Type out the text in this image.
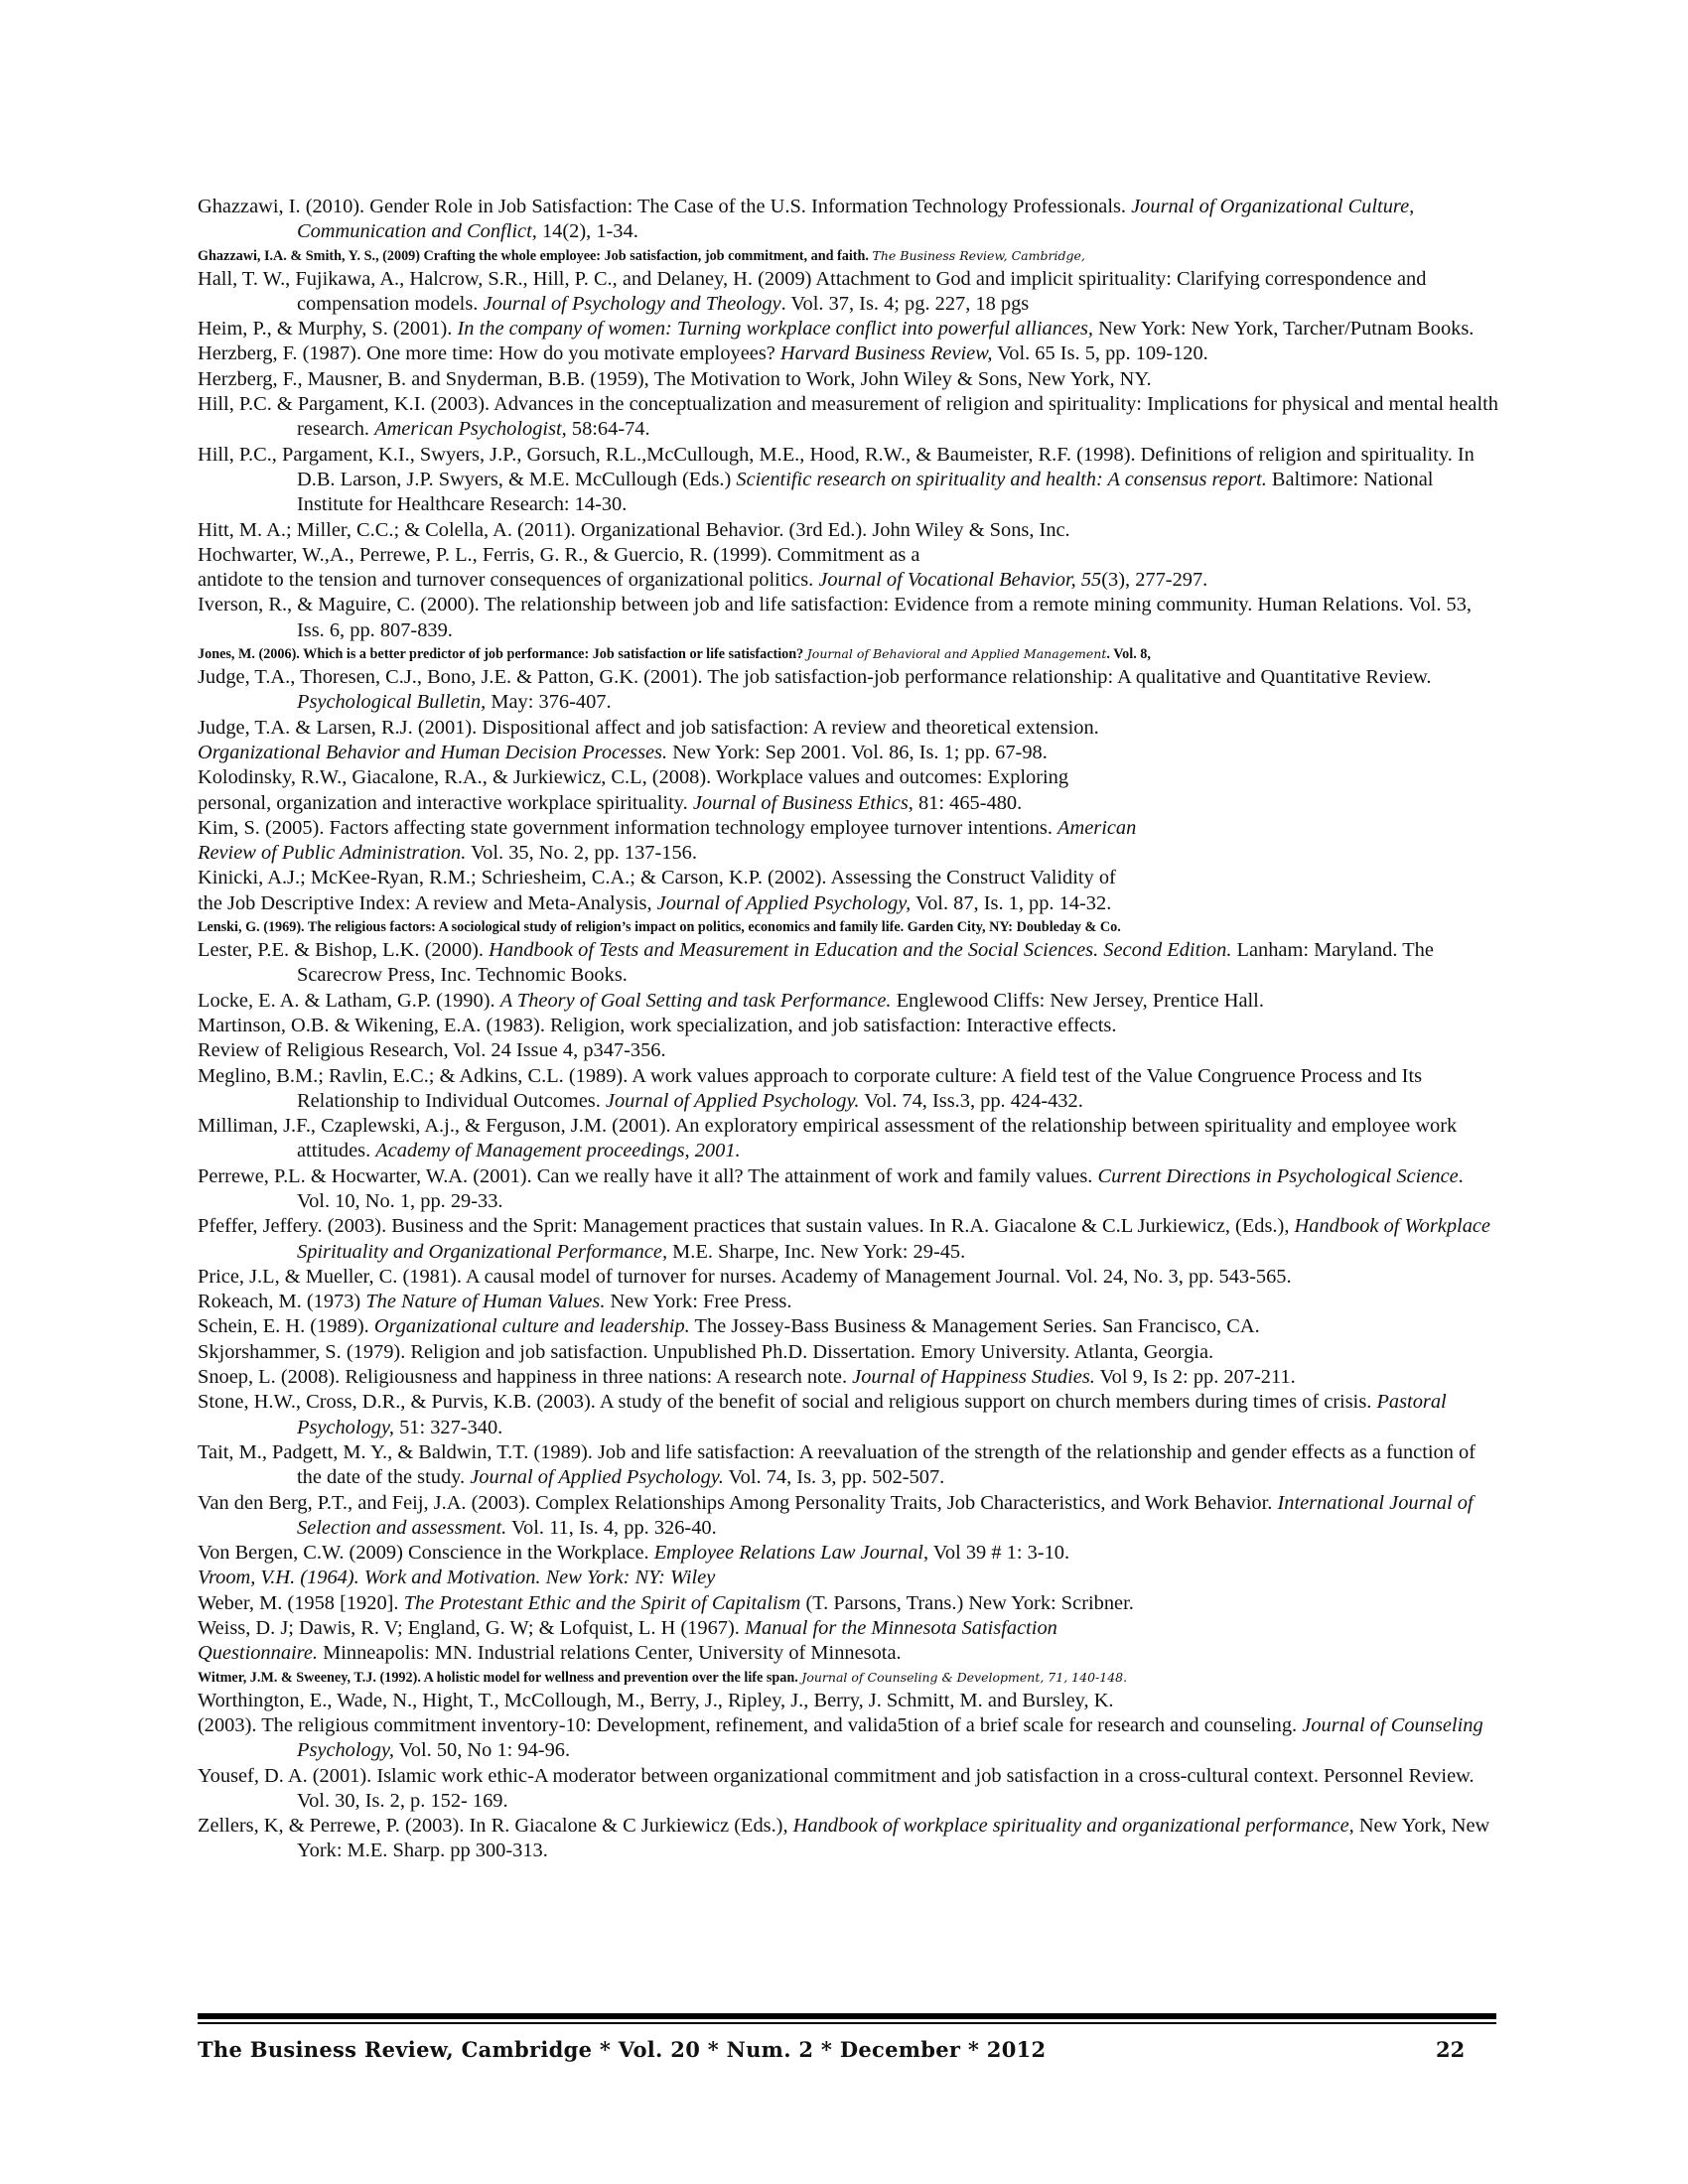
Ghazzawi, I. (2010). Gender Role in Job Satisfaction: The Case of the U.S. Information Technology Professionals. Journal of Organizational Culture, Communication and Conflict, 14(2), 1-34.
Ghazzawi, I.A. & Smith, Y. S., (2009) Crafting the whole employee: Job satisfaction, job commitment, and faith. The Business Review, Cambridge,
Hall, T. W., Fujikawa, A., Halcrow, S.R., Hill, P. C., and Delaney, H. (2009) Attachment to God and implicit spirituality: Clarifying correspondence and compensation models. Journal of Psychology and Theology. Vol. 37, Is. 4; pg. 227, 18 pgs
Heim, P., & Murphy, S. (2001). In the company of women: Turning workplace conflict into powerful alliances, New York: New York, Tarcher/Putnam Books.
Herzberg, F. (1987). One more time: How do you motivate employees? Harvard Business Review, Vol. 65 Is. 5, pp. 109-120.
Herzberg, F., Mausner, B. and Snyderman, B.B. (1959), The Motivation to Work, John Wiley & Sons, New York, NY.
Hill, P.C. & Pargament, K.I. (2003). Advances in the conceptualization and measurement of religion and spirituality: Implications for physical and mental health research. American Psychologist, 58:64-74.
Hill, P.C., Pargament, K.I., Swyers, J.P., Gorsuch, R.L.,McCullough, M.E., Hood, R.W., & Baumeister, R.F. (1998). Definitions of religion and spirituality. In D.B. Larson, J.P. Swyers, & M.E. McCullough (Eds.) Scientific research on spirituality and health: A consensus report. Baltimore: National Institute for Healthcare Research: 14-30.
Hitt, M. A.; Miller, C.C.; & Colella, A. (2011). Organizational Behavior. (3rd Ed.). John Wiley & Sons, Inc.
Hochwarter, W.,A., Perrewe, P. L., Ferris, G. R., & Guercio, R. (1999). Commitment as a
antidote to the tension and turnover consequences of organizational politics. Journal of Vocational Behavior, 55(3), 277-297.
Iverson, R., & Maguire, C. (2000). The relationship between job and life satisfaction: Evidence from a remote mining community. Human Relations. Vol. 53, Iss. 6, pp. 807-839.
Jones, M. (2006). Which is a better predictor of job performance: Job satisfaction or life satisfaction? Journal of Behavioral and Applied Management. Vol. 8,
Judge, T.A., Thoresen, C.J., Bono, J.E. & Patton, G.K. (2001). The job satisfaction-job performance relationship: A qualitative and Quantitative Review. Psychological Bulletin, May: 376-407.
Judge, T.A. & Larsen, R.J. (2001). Dispositional affect and job satisfaction: A review and theoretical extension.
Organizational Behavior and Human Decision Processes. New York: Sep 2001. Vol. 86, Is. 1; pp. 67-98.
Kolodinsky, R.W., Giacalone, R.A., & Jurkiewicz, C.L, (2008). Workplace values and outcomes: Exploring
personal, organization and interactive workplace spirituality. Journal of Business Ethics, 81: 465-480.
Kim, S. (2005). Factors affecting state government information technology employee turnover intentions. American
Review of Public Administration. Vol. 35, No. 2, pp. 137-156.
Kinicki, A.J.; McKee-Ryan, R.M.; Schriesheim, C.A.; & Carson, K.P. (2002). Assessing the Construct Validity of
the Job Descriptive Index: A review and Meta-Analysis, Journal of Applied Psychology, Vol. 87, Is. 1, pp. 14-32.
Lenski, G. (1969). The religious factors: A sociological study of religion’s impact on politics, economics and family life. Garden City, NY: Doubleday & Co.
Lester, P.E. & Bishop, L.K. (2000). Handbook of Tests and Measurement in Education and the Social Sciences. Second Edition. Lanham: Maryland. The Scarecrow Press, Inc. Technomic Books.
Locke, E. A. & Latham, G.P. (1990). A Theory of Goal Setting and task Performance. Englewood Cliffs: New Jersey, Prentice Hall.
Martinson, O.B. & Wikening, E.A. (1983). Religion, work specialization, and job satisfaction: Interactive effects.
Review of Religious Research, Vol. 24 Issue 4, p347-356.
Meglino, B.M.; Ravlin, E.C.; & Adkins, C.L. (1989). A work values approach to corporate culture: A field test of the Value Congruence Process and Its Relationship to Individual Outcomes. Journal of Applied Psychology. Vol. 74, Iss.3, pp. 424-432.
Milliman, J.F., Czaplewski, A.j., & Ferguson, J.M. (2001). An exploratory empirical assessment of the relationship between spirituality and employee work attitudes. Academy of Management proceedings, 2001.
Perrewe, P.L. & Hocwarter, W.A. (2001). Can we really have it all? The attainment of work and family values. Current Directions in Psychological Science. Vol. 10, No. 1, pp. 29-33.
Pfeffer, Jeffery. (2003). Business and the Sprit: Management practices that sustain values. In R.A. Giacalone & C.L Jurkiewicz, (Eds.), Handbook of Workplace Spirituality and Organizational Performance, M.E. Sharpe, Inc. New York: 29-45.
Price, J.L, & Mueller, C. (1981). A causal model of turnover for nurses. Academy of Management Journal. Vol. 24, No. 3, pp. 543-565.
Rokeach, M. (1973) The Nature of Human Values. New York: Free Press.
Schein, E. H. (1989). Organizational culture and leadership. The Jossey-Bass Business & Management Series. San Francisco, CA.
Skjorshammer, S. (1979). Religion and job satisfaction. Unpublished Ph.D. Dissertation. Emory University. Atlanta, Georgia.
Snoep, L. (2008). Religiousness and happiness in three nations: A research note. Journal of Happiness Studies. Vol 9, Is 2: pp. 207-211.
Stone, H.W., Cross, D.R., & Purvis, K.B. (2003). A study of the benefit of social and religious support on church members during times of crisis. Pastoral Psychology, 51: 327-340.
Tait, M., Padgett, M. Y., & Baldwin, T.T. (1989). Job and life satisfaction: A reevaluation of the strength of the relationship and gender effects as a function of the date of the study. Journal of Applied Psychology. Vol. 74, Is. 3, pp. 502-507.
Van den Berg, P.T., and Feij, J.A. (2003). Complex Relationships Among Personality Traits, Job Characteristics, and Work Behavior. International Journal of Selection and assessment. Vol. 11, Is. 4, pp. 326-40.
Von Bergen, C.W. (2009) Conscience in the Workplace. Employee Relations Law Journal, Vol 39 # 1: 3-10.
Vroom, V.H. (1964). Work and Motivation. New York: NY: Wiley
Weber, M. (1958 [1920]. The Protestant Ethic and the Spirit of Capitalism (T. Parsons, Trans.) New York: Scribner.
Weiss, D. J; Dawis, R. V; England, G. W; & Lofquist, L. H (1967). Manual for the Minnesota Satisfaction
Questionnaire. Minneapolis: MN. Industrial relations Center, University of Minnesota.
Witmer, J.M. & Sweeney, T.J. (1992). A holistic model for wellness and prevention over the life span. Journal of Counseling & Development, 71, 140-148.
Worthington, E., Wade, N., Hight, T., McCollough, M., Berry, J., Ripley, J., Berry, J. Schmitt, M. and Bursley, K.
(2003). The religious commitment inventory-10: Development, refinement, and valida5tion of a brief scale for research and counseling. Journal of Counseling Psychology, Vol. 50, No 1: 94-96.
Yousef, D. A. (2001). Islamic work ethic-A moderator between organizational commitment and job satisfaction in a cross-cultural context. Personnel Review. Vol. 30, Is. 2, p. 152- 169.
Zellers, K, & Perrewe, P. (2003). In R. Giacalone & C Jurkiewicz (Eds.), Handbook of workplace spirituality and organizational performance, New York, New York: M.E. Sharp. pp 300-313.
The Business Review, Cambridge * Vol. 20 * Num. 2 * December * 2012	22
